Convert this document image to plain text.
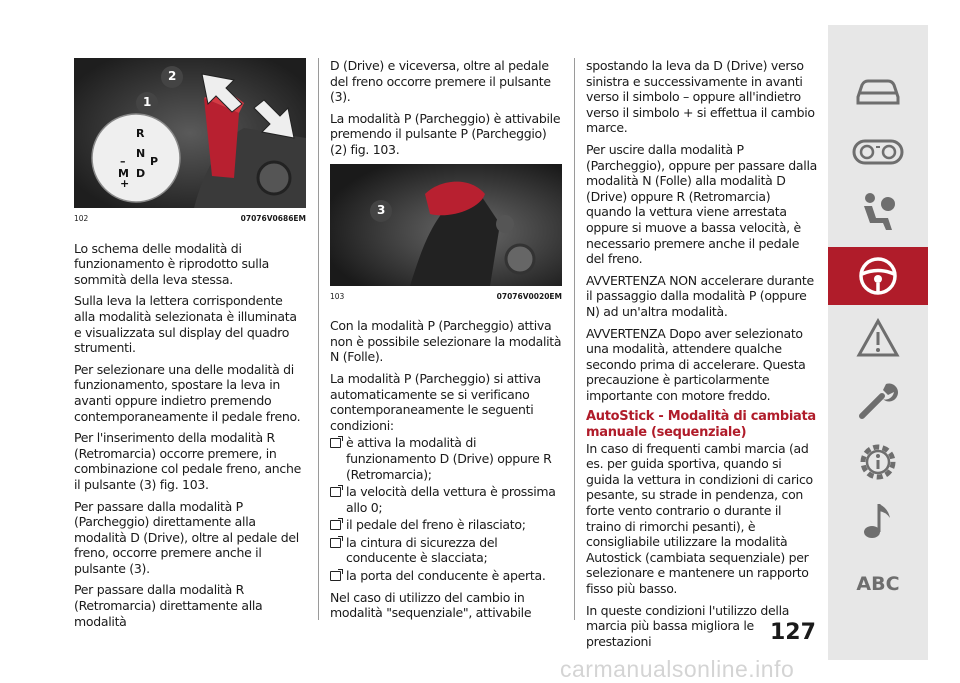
R
N
D
P
M
–
+
1
2
102	07076V0686EM

Lo schema delle modalità di funzionamento è riprodotto sulla sommità della leva stessa.

Sulla leva la lettera corrispondente alla modalità selezionata è illuminata e visualizzata sul display del quadro strumenti.

Per selezionare una delle modalità di funzionamento, spostare la leva in avanti oppure indietro premendo contemporaneamente il pedale freno.

Per l'inserimento della modalità R (Retromarcia) occorre premere, in combinazione col pedale freno, anche il pulsante (3) fig. 103.

Per passare dalla modalità P (Parcheggio) direttamente alla modalità D (Drive), oltre al pedale del freno, occorre premere anche il pulsante (3).

Per passare dalla modalità R (Retromarcia) direttamente alla modalità

D (Drive) e viceversa, oltre al pedale del freno occorre premere il pulsante (3).

La modalità P (Parcheggio) è attivabile premendo il pulsante P (Parcheggio) (2) fig. 103.

3
103	07076V0020EM

Con la modalità P (Parcheggio) attiva non è possibile selezionare la modalità N (Folle).

La modalità P (Parcheggio) si attiva automaticamente se si verificano contemporaneamente le seguenti condizioni:

è attiva la modalità di funzionamento D (Drive) oppure R (Retromarcia);
la velocità della vettura è prossima allo 0;
il pedale del freno è rilasciato;
la cintura di sicurezza del conducente è slacciata;
la porta del conducente è aperta.

Nel caso di utilizzo del cambio in modalità "sequenziale", attivabile

spostando la leva da D (Drive) verso sinistra e successivamente in avanti verso il simbolo – oppure all'indietro verso il simbolo + si effettua il cambio marce.

Per uscire dalla modalità P (Parcheggio), oppure per passare dalla modalità N (Folle) alla modalità D (Drive) oppure R (Retromarcia) quando la vettura viene arrestata oppure si muove a bassa velocità, è necessario premere anche il pedale del freno.

AVVERTENZA NON accelerare durante il passaggio dalla modalità P (oppure N) ad un'altra modalità.

AVVERTENZA Dopo aver selezionato una modalità, attendere qualche secondo prima di accelerare. Questa precauzione è particolarmente importante con motore freddo.

AutoStick - Modalità di cambiata manuale (sequenziale)

In caso di frequenti cambi marcia (ad es. per guida sportiva, quando si guida la vettura in condizioni di carico pesante, su strade in pendenza, con forte vento contrario o durante il traino di rimorchi pesanti), è consigliabile utilizzare la modalità Autostick (cambiata sequenziale) per selezionare e mantenere un rapporto fisso più basso.

In queste condizioni l'utilizzo della marcia più bassa migliora le prestazioni	127
carmanualsonline.info
ABC
